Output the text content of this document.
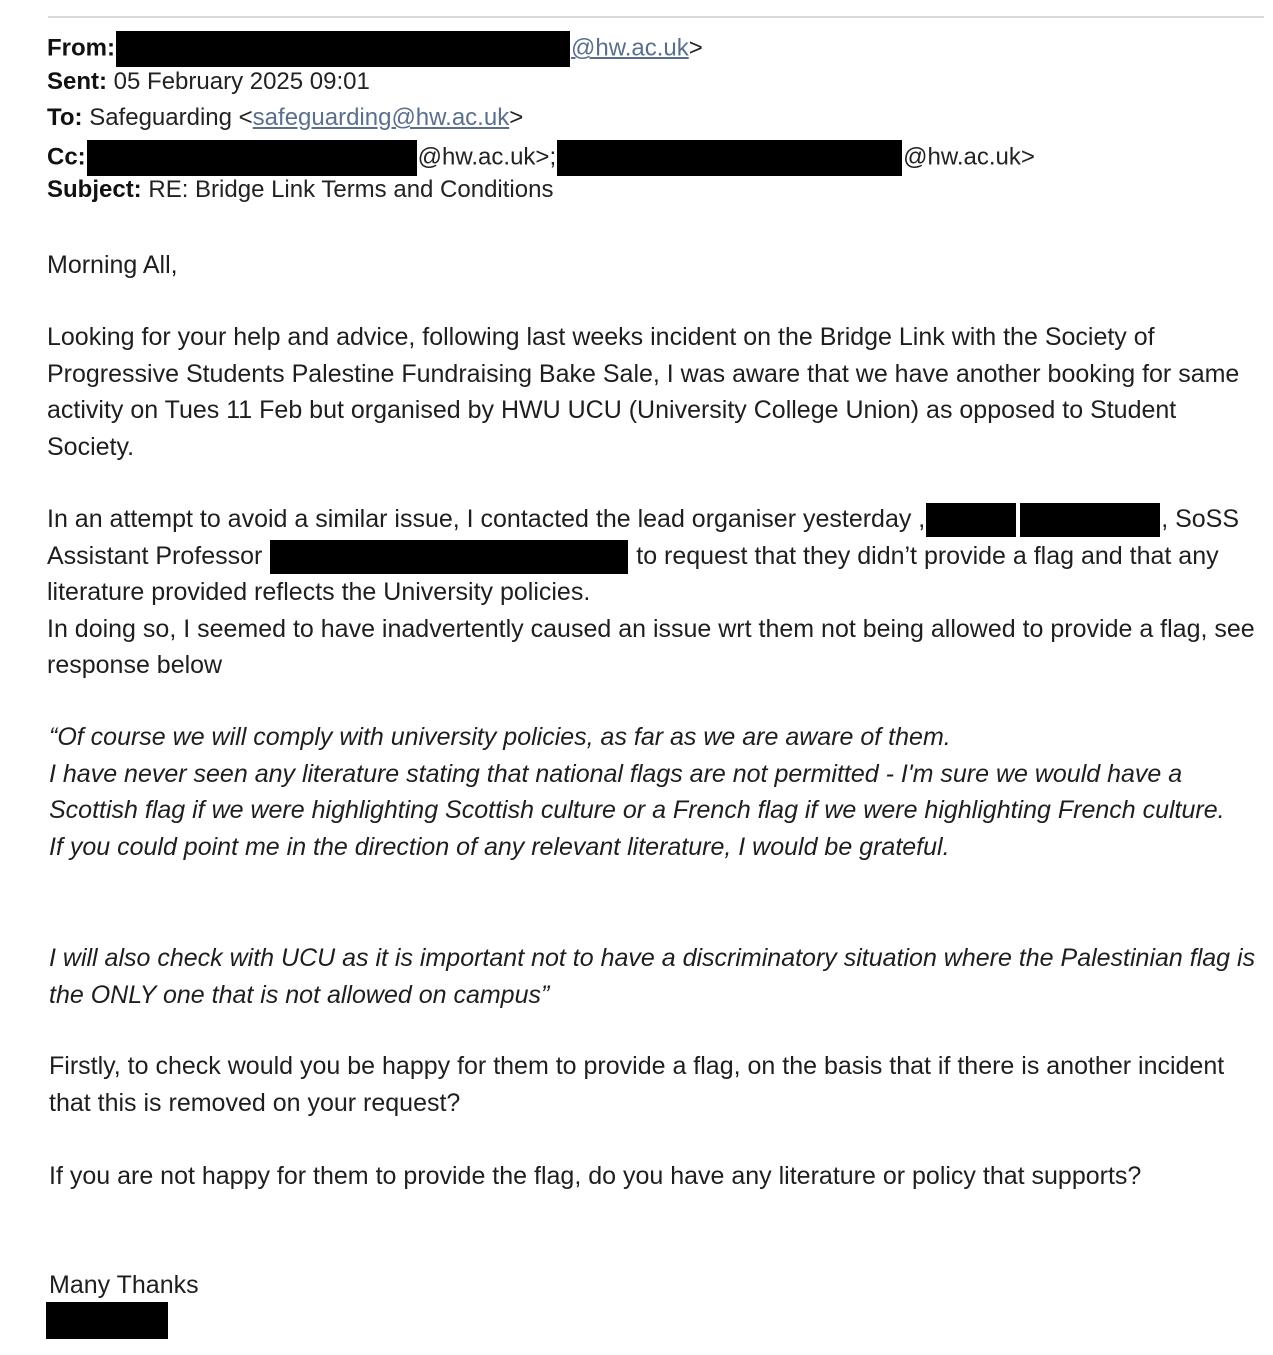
From:	@hw.ac.uk>
Sent: 05 February 2025 09:01
To: Safeguarding <safeguarding@hw.ac.uk>
Cc:	@hw.ac.uk>;	@hw.ac.uk>
Subject: RE: Bridge Link Terms and Conditions

Morning All,

Looking for your help and advice, following last weeks incident on the Bridge Link with the Society of Progressive Students Palestine Fundraising Bake Sale, I was aware that we have another booking for same activity on Tues 11 Feb but organised by HWU UCU (University College Union) as opposed to Student Society.

In an attempt to avoid a similar issue, I contacted the lead organiser yesterday ,	, SoSS Assistant Professor	to request that they didn’t provide a flag and that any literature provided reflects the University policies.

In doing so, I seemed to have inadvertently caused an issue wrt them not being allowed to provide a flag, see response below

“Of course we will comply with university policies, as far as we are aware of them.

I have never seen any literature stating that national flags are not permitted - I'm sure we would have a Scottish flag if we were highlighting Scottish culture or a French flag if we were highlighting French culture.

If you could point me in the direction of any relevant literature, I would be grateful.

I will also check with UCU as it is important not to have a discriminatory situation where the Palestinian flag is the ONLY one that is not allowed on campus”

Firstly, to check would you be happy for them to provide a flag, on the basis that if there is another incident that this is removed on your request?

If you are not happy for them to provide the flag, do you have any literature or policy that supports?

Many Thanks
